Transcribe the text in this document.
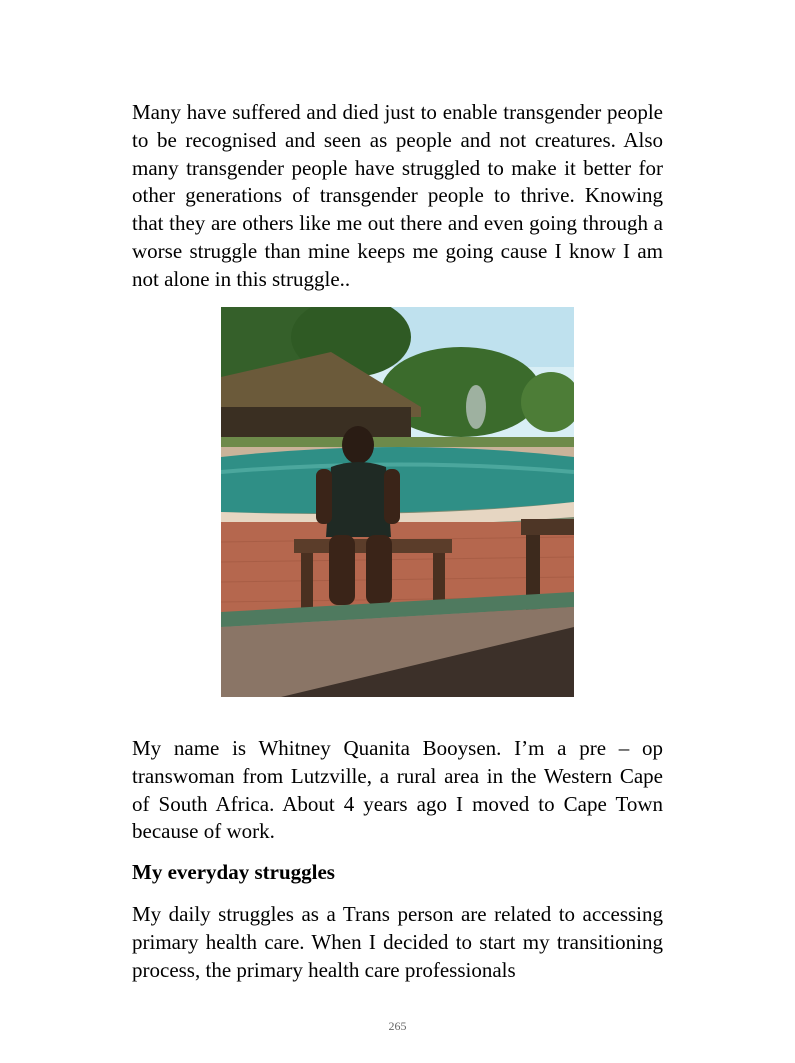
Many have suffered and died just to enable transgender people to be recognised and seen as people and not creatures. Also many transgender people have struggled to make it better for other generations of transgender people to thrive. Knowing that they are others like me out there and even going through a worse struggle than mine keeps me going cause I know I am not alone in this struggle..

My name is Whitney Quanita Booysen. I’m a pre – op transwoman from Lutzville, a rural area in the Western Cape of South Africa. About 4 years ago I moved to Cape Town because of work.

My everyday struggles

My daily struggles as a Trans person are related to accessing primary health care. When I decided to start my transitioning process, the primary health care professionals

265
